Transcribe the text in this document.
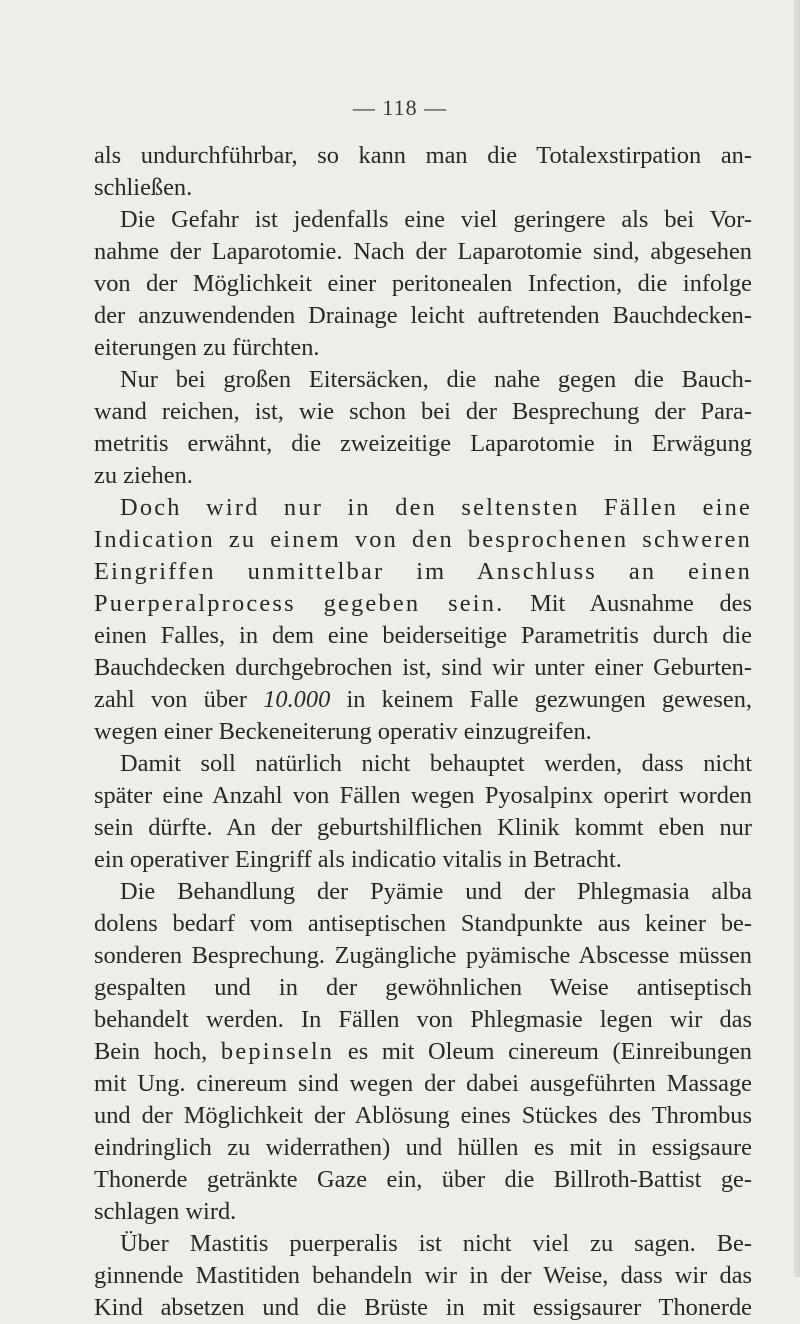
— 118 —
als undurchführbar, so kann man die Totalexstirpation an-
schließen.
Die Gefahr ist jedenfalls eine viel geringere als bei Vor-
nahme der Laparotomie. Nach der Laparotomie sind, abgesehen
von der Möglichkeit einer peritonealen Infection, die infolge
der anzuwendenden Drainage leicht auftretenden Bauchdecken-
eiterungen zu fürchten.
Nur bei großen Eitersäcken, die nahe gegen die Bauch-
wand reichen, ist, wie schon bei der Besprechung der Para-
metritis erwähnt, die zweizeitige Laparotomie in Erwägung
zu ziehen.
Doch wird nur in den seltensten Fällen eine
Indication zu einem von den besprochenen schweren
Eingriffen unmittelbar im Anschluss an einen
Puerperalprocess gegeben sein. Mit Ausnahme des
einen Falles, in dem eine beiderseitige Parametritis durch die
Bauchdecken durchgebrochen ist, sind wir unter einer Geburten-
zahl von über 10.000 in keinem Falle gezwungen gewesen,
wegen einer Beckeneiterung operativ einzugreifen.
Damit soll natürlich nicht behauptet werden, dass nicht
später eine Anzahl von Fällen wegen Pyosalpinx operirt worden
sein dürfte. An der geburtshilflichen Klinik kommt eben nur
ein operativer Eingriff als indicatio vitalis in Betracht.
Die Behandlung der Pyämie und der Phlegmasia alba
dolens bedarf vom antiseptischen Standpunkte aus keiner be-
sonderen Besprechung. Zugängliche pyämische Abscesse müssen
gespalten und in der gewöhnlichen Weise antiseptisch
behandelt werden. In Fällen von Phlegmasie legen wir das
Bein hoch, bepinseln es mit Oleum cinereum (Einreibungen
mit Ung. cinereum sind wegen der dabei ausgeführten Massage
und der Möglichkeit der Ablösung eines Stückes des Thrombus
eindringlich zu widerrathen) und hüllen es mit in essigsaure
Thonerde getränkte Gaze ein, über die Billroth-Battist ge-
schlagen wird.
Über Mastitis puerperalis ist nicht viel zu sagen. Be-
ginnende Mastitiden behandeln wir in der Weise, dass wir das
Kind absetzen und die Brüste in mit essigsaurer Thonerde
